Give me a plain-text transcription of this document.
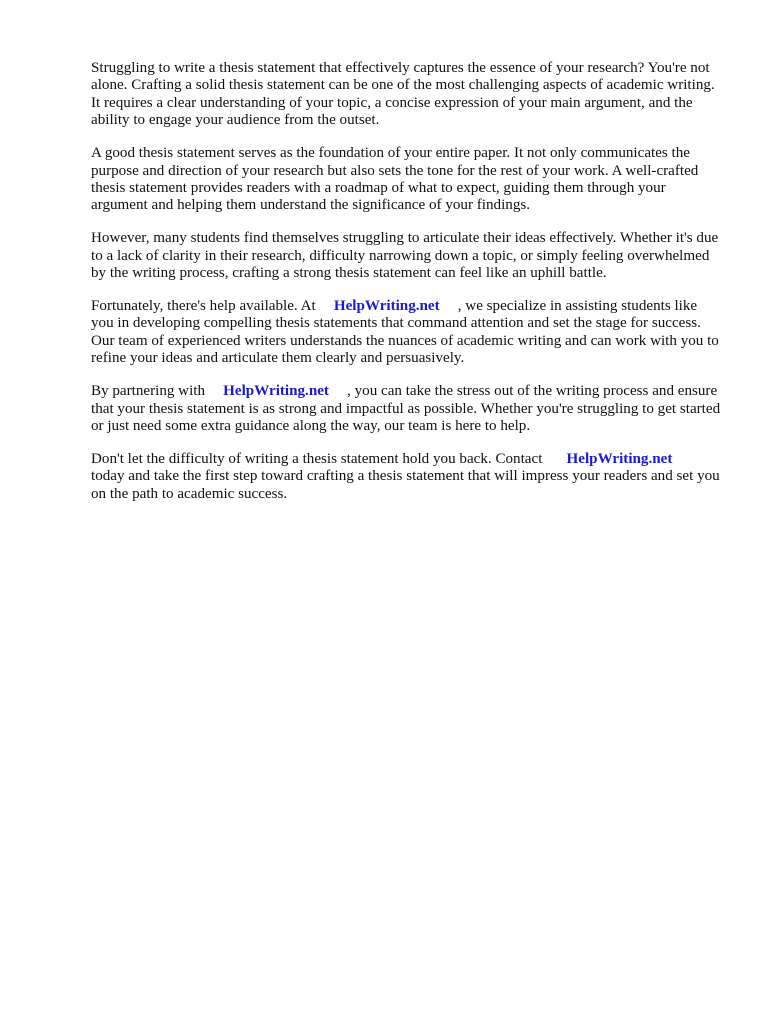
Struggling to write a thesis statement that effectively captures the essence of your research? You're not alone. Crafting a solid thesis statement can be one of the most challenging aspects of academic writing. It requires a clear understanding of your topic, a concise expression of your main argument, and the ability to engage your audience from the outset.

A good thesis statement serves as the foundation of your entire paper. It not only communicates the purpose and direction of your research but also sets the tone for the rest of your work. A well-crafted thesis statement provides readers with a roadmap of what to expect, guiding them through your argument and helping them understand the significance of your findings.

However, many students find themselves struggling to articulate their ideas effectively. Whether it's due to a lack of clarity in their research, difficulty narrowing down a topic, or simply feeling overwhelmed by the writing process, crafting a strong thesis statement can feel like an uphill battle.

Fortunately, there's help available. At HelpWriting.net , we specialize in assisting students like you in developing compelling thesis statements that command attention and set the stage for success. Our team of experienced writers understands the nuances of academic writing and can work with you to refine your ideas and articulate them clearly and persuasively.

By partnering with HelpWriting.net , you can take the stress out of the writing process and ensure that your thesis statement is as strong and impactful as possible. Whether you're struggling to get started or just need some extra guidance along the way, our team is here to help.

Don't let the difficulty of writing a thesis statement hold you back. Contact HelpWriting.nettoday and take the first step toward crafting a thesis statement that will impress your readers and set you on the path to academic success.
